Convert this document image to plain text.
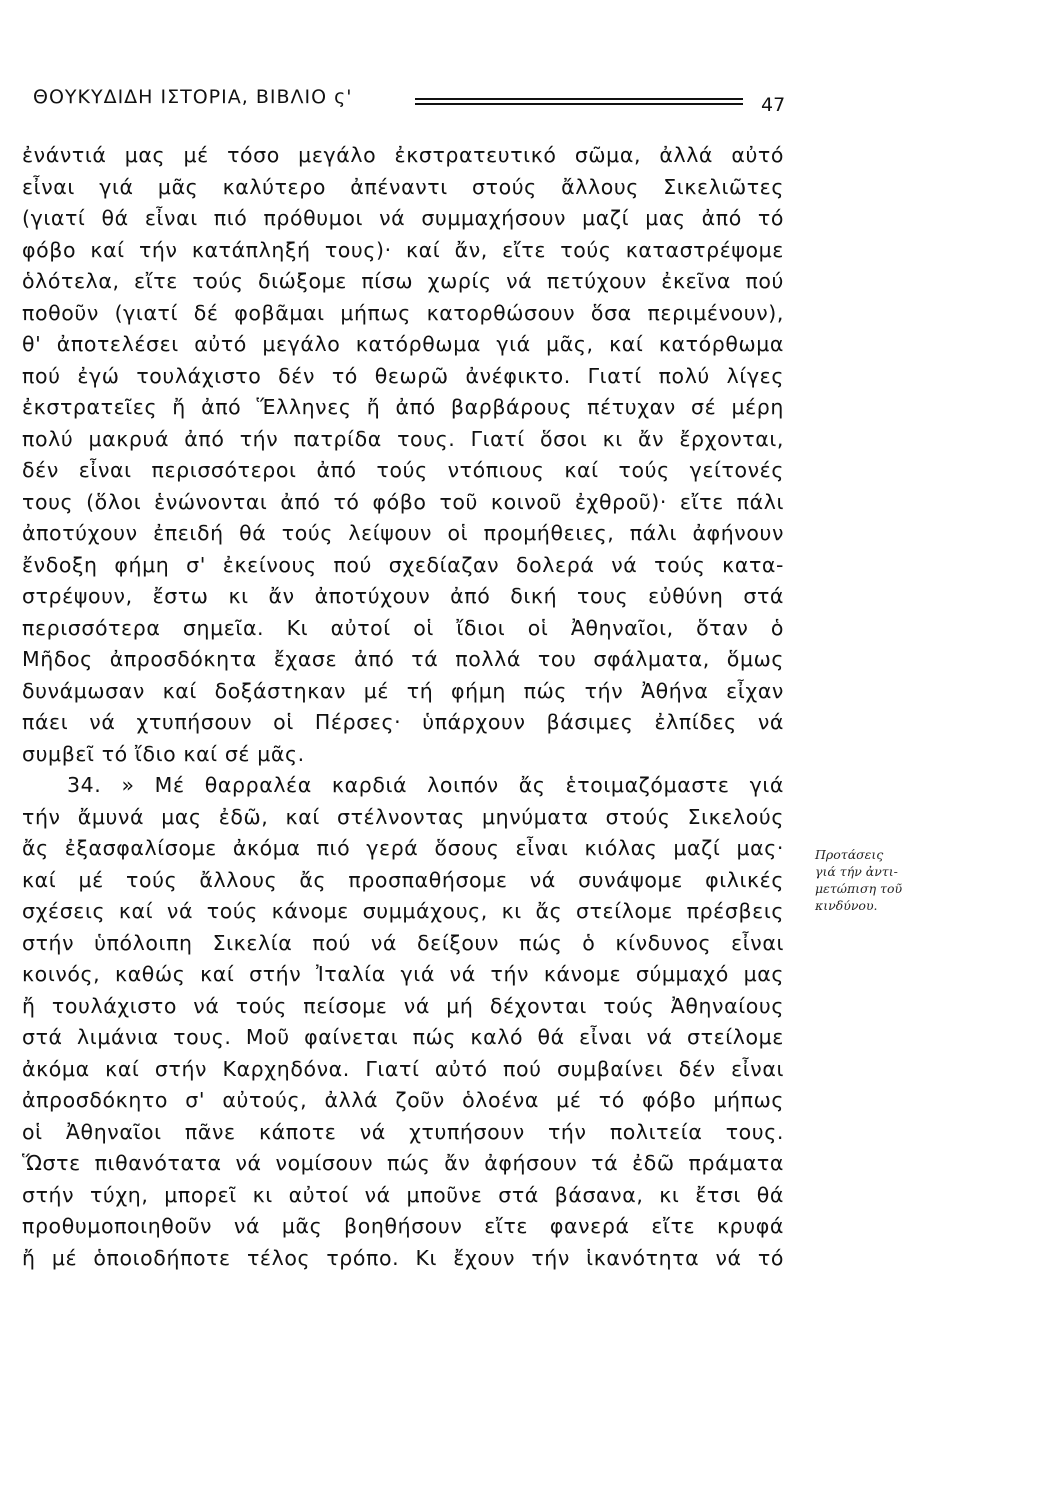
ΘΟΥΚΥΔΙΔΗ ΙΣΤΟΡΙΑ, ΒΙΒΛΙΟ ς'	47
ἐνάντιά μας μέ τόσο μεγάλο ἐκστρατευτικό σῶμα, ἀλλά αὐτό
εἶναι γιά μᾶς καλύτερο ἀπέναντι στούς ἄλλους Σικελιῶτες
(γιατί θά εἶναι πιό πρόθυμοι νά συμμαχήσουν μαζί μας ἀπό τό
φόβο καί τήν κατάπληξή τους)· καί ἄν, εἴτε τούς καταστρέψομε
ὁλότελα, εἴτε τούς διώξομε πίσω χωρίς νά πετύχουν ἐκεῖνα πού
ποθοῦν (γιατί δέ φοβᾶμαι μήπως κατορθώσουν ὅσα περιμένουν),
θ' ἀποτελέσει αὐτό μεγάλο κατόρθωμα γιά μᾶς, καί κατόρθωμα
πού ἐγώ τουλάχιστο δέν τό θεωρῶ ἀνέφικτο. Γιατί πολύ λίγες
ἐκστρατεῖες ἤ ἀπό Ἕλληνες ἤ ἀπό βαρβάρους πέτυχαν σέ μέρη
πολύ μακρυά ἀπό τήν πατρίδα τους. Γιατί ὅσοι κι ἄν ἔρχονται,
δέν εἶναι περισσότεροι ἀπό τούς ντόπιους καί τούς γείτονές
τους (ὅλοι ἑνώνονται ἀπό τό φόβο τοῦ κοινοῦ ἐχθροῦ)· εἴτε πάλι
ἀποτύχουν ἐπειδή θά τούς λείψουν οἱ προμήθειες, πάλι ἀφήνουν
ἔνδοξη φήμη σ' ἐκείνους πού σχεδίαζαν δολερά νά τούς κατα-
στρέψουν, ἔστω κι ἄν ἀποτύχουν ἀπό δική τους εὐθύνη στά
περισσότερα σημεῖα. Κι αὐτοί οἱ ἴδιοι οἱ Ἀθηναῖοι, ὅταν ὁ
Μῆδος ἀπροσδόκητα ἔχασε ἀπό τά πολλά του σφάλματα, ὅμως
δυνάμωσαν καί δοξάστηκαν μέ τή φήμη πώς τήν Ἀθήνα εἶχαν
πάει νά χτυπήσουν οἱ Πέρσες· ὑπάρχουν βάσιμες ἐλπίδες νά
συμβεῖ τό ἴδιο καί σέ μᾶς.
34. » Μέ θαρραλέα καρδιά λοιπόν ἄς ἑτοιμαζόμαστε γιά
τήν ἄμυνά μας ἐδῶ, καί στέλνοντας μηνύματα στούς Σικελούς
ἄς ἐξασφαλίσομε ἀκόμα πιό γερά ὅσους εἶναι κιόλας μαζί μας·
καί μέ τούς ἄλλους ἄς προσπαθήσομε νά συνάψομε φιλικές
σχέσεις καί νά τούς κάνομε συμμάχους, κι ἄς στείλομε πρέσβεις
στήν ὑπόλοιπη Σικελία πού νά δείξουν πώς ὁ κίνδυνος εἶναι
κοινός, καθώς καί στήν Ἰταλία γιά νά τήν κάνομε σύμμαχό μας
ἤ τουλάχιστο νά τούς πείσομε νά μή δέχονται τούς Ἀθηναίους
στά λιμάνια τους. Μοῦ φαίνεται πώς καλό θά εἶναι νά στείλομε
ἀκόμα καί στήν Καρχηδόνα. Γιατί αὐτό πού συμβαίνει δέν εἶναι
ἀπροσδόκητο σ' αὐτούς, ἀλλά ζοῦν ὁλοένα μέ τό φόβο μήπως
οἱ Ἀθηναῖοι πᾶνε κάποτε νά χτυπήσουν τήν πολιτεία τους.
Ὥστε πιθανότατα νά νομίσουν πώς ἄν ἀφήσουν τά ἐδῶ πράματα
στήν τύχη, μπορεῖ κι αὐτοί νά μποῦνε στά βάσανα, κι ἔτσι θά
προθυμοποιηθοῦν νά μᾶς βοηθήσουν εἴτε φανερά εἴτε κρυφά
ἤ μέ ὁποιοδήποτε τέλος τρόπο. Κι ἔχουν τήν ἱκανότητα νά τό
Προτάσεις
γιά τήν ἀντι-
μετώπιση τοῦ
κινδύνου.
